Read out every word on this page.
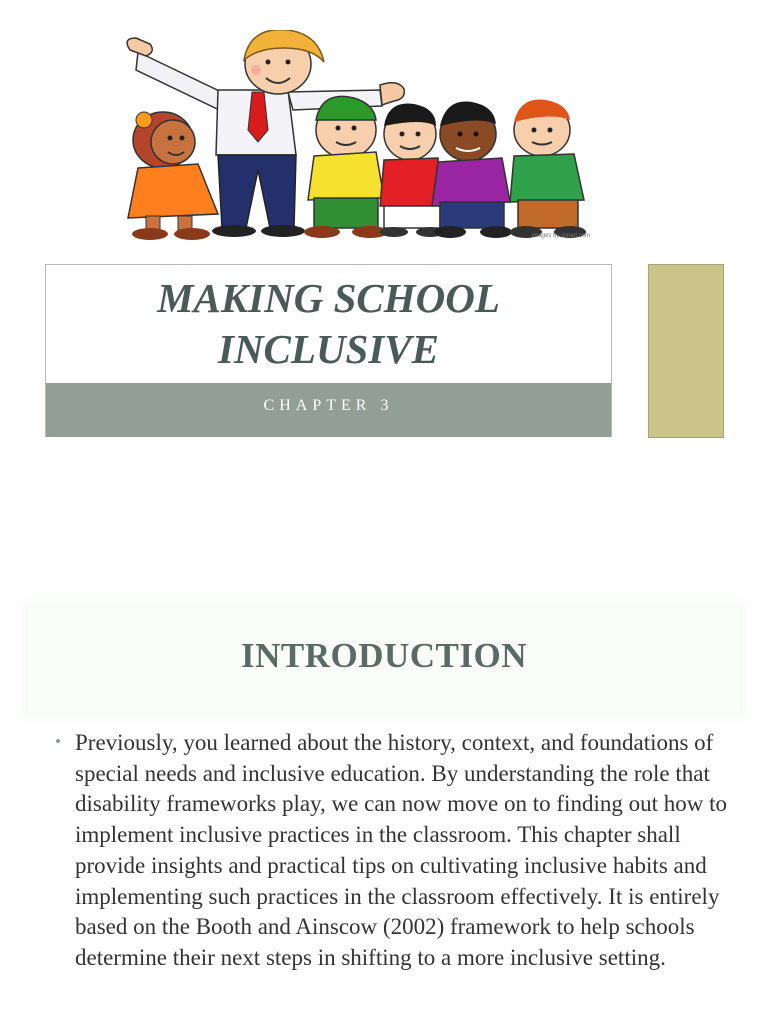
images by clipart.com
MAKING SCHOOL
INCLUSIVE
CHAPTER 3
INTRODUCTION
• Previously, you learned about the history, context, and foundations of special needs and inclusive education. By understanding the role that disability frameworks play, we can now move on to finding out how to implement inclusive practices in the classroom. This chapter shall provide insights and practical tips on cultivating inclusive habits and implementing such practices in the classroom effectively. It is entirely based on the Booth and Ainscow (2002) framework to help schools determine their next steps in shifting to a more inclusive setting.
